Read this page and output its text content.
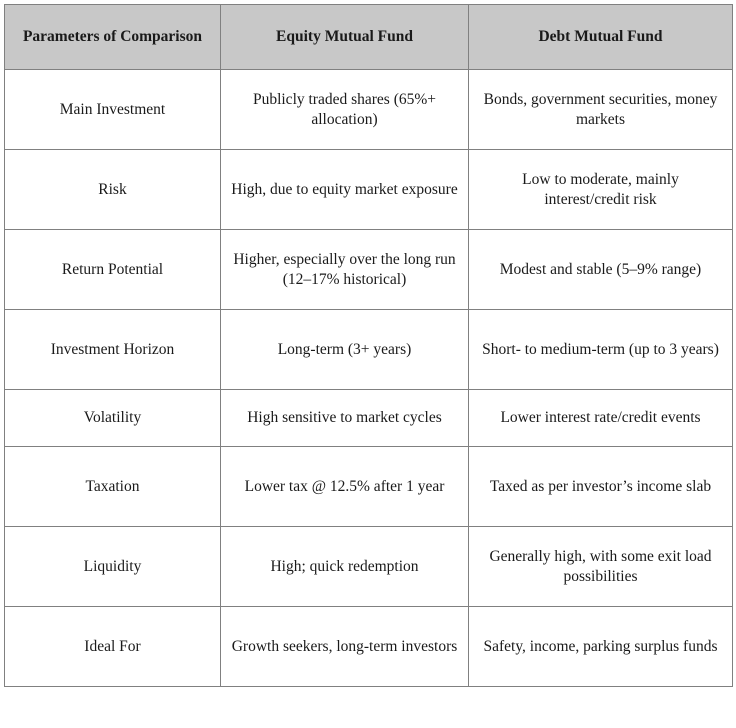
Parameters of Comparison	Equity Mutual Fund	Debt Mutual Fund
Main Investment	Publicly traded shares (65%+ allocation)	Bonds, government securities, money markets
Risk	High, due to equity market exposure	Low to moderate, mainly interest/credit risk
Return Potential	Higher, especially over the long run (12–17% historical)	Modest and stable (5–9% range)
Investment Horizon	Long-term (3+ years)	Short- to medium-term (up to 3 years)
Volatility	High sensitive to market cycles	Lower interest rate/credit events
Taxation	Lower tax @ 12.5% after 1 year	Taxed as per investor’s income slab
Liquidity	High; quick redemption	Generally high, with some exit load possibilities
Ideal For	Growth seekers, long-term investors	Safety, income, parking surplus funds
